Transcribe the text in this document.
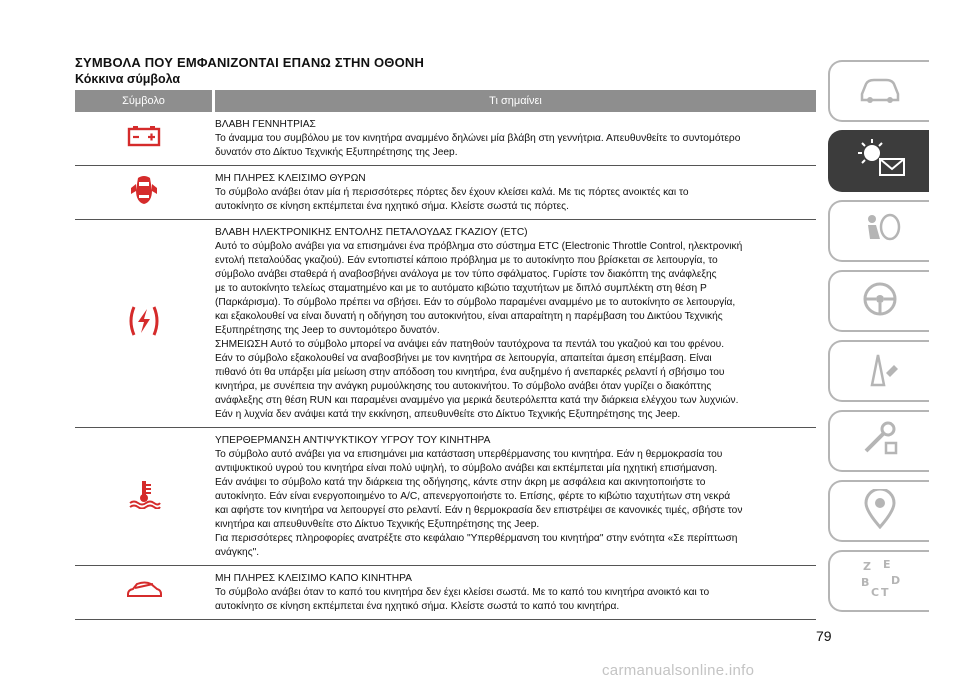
ΣΥΜΒΟΛΑ ΠΟΥ ΕΜΦΑΝΙΖΟΝΤΑΙ ΕΠΑΝΩ ΣΤΗΝ ΟΘΟΝΗ
Κόκκινα σύμβολα
Σύμβολο	Τι σημαίνει
ΒΛΑΒΗ ΓΕΝΝΗΤΡΙΑΣ
Το άναμμα του συμβόλου με τον κινητήρα αναμμένο δηλώνει μία βλάβη στη γεννήτρια. Απευθυνθείτε το συντομότερο
δυνατόν στο Δίκτυο Τεχνικής Εξυπηρέτησης της Jeep.
ΜΗ ΠΛΗΡΕΣ ΚΛΕΙΣΙΜΟ ΘΥΡΩΝ
Το σύμβολο ανάβει όταν μία ή περισσότερες πόρτες δεν έχουν κλείσει καλά. Με τις πόρτες ανοικτές και το
αυτοκίνητο σε κίνηση εκπέμπεται ένα ηχητικό σήμα. Κλείστε σωστά τις πόρτες.
ΒΛΑΒΗ ΗΛΕΚΤΡΟΝΙΚΗΣ ΕΝΤΟΛΗΣ ΠΕΤΑΛΟΥΔΑΣ ΓΚΑΖΙΟΥ (ETC)
Αυτό το σύμβολο ανάβει για να επισημάνει ένα πρόβλημα στο σύστημα ETC (Electronic Throttle Control, ηλεκτρονική
εντολή πεταλούδας γκαζιού). Εάν εντοπιστεί κάποιο πρόβλημα με το αυτοκίνητο που βρίσκεται σε λειτουργία, το
σύμβολο ανάβει σταθερά ή αναβοσβήνει ανάλογα με τον τύπο σφάλματος. Γυρίστε τον διακόπτη της ανάφλεξης
με το αυτοκίνητο τελείως σταματημένο και με το αυτόματο κιβώτιο ταχυτήτων με διπλό συμπλέκτη στη θέση P
(Παρκάρισμα). Το σύμβολο πρέπει να σβήσει. Εάν το σύμβολο παραμένει αναμμένο με το αυτοκίνητο σε λειτουργία,
και εξακολουθεί να είναι δυνατή η οδήγηση του αυτοκινήτου, είναι απαραίτητη η παρέμβαση του Δικτύου Τεχνικής
Εξυπηρέτησης της Jeep το συντομότερο δυνατόν.
ΣΗΜΕΙΩΣΗ Αυτό το σύμβολο μπορεί να ανάψει εάν πατηθούν ταυτόχρονα τα πεντάλ του γκαζιού και του φρένου.
Εάν το σύμβολο εξακολουθεί να αναβοσβήνει με τον κινητήρα σε λειτουργία, απαιτείται άμεση επέμβαση. Είναι
πιθανό ότι θα υπάρξει μία μείωση στην απόδοση του κινητήρα, ένα αυξημένο ή ανεπαρκές ρελαντί ή σβήσιμο του
κινητήρα, με συνέπεια την ανάγκη ρυμούλκησης του αυτοκινήτου. Το σύμβολο ανάβει όταν γυρίζει ο διακόπτης
ανάφλεξης στη θέση RUN και παραμένει αναμμένο για μερικά δευτερόλεπτα κατά την διάρκεια ελέγχου των λυχνιών.
Εάν η λυχνία δεν ανάψει κατά την εκκίνηση, απευθυνθείτε στο Δίκτυο Τεχνικής Εξυπηρέτησης της Jeep.
ΥΠΕΡΘΕΡΜΑΝΣΗ ΑΝΤΙΨΥΚΤΙΚΟΥ ΥΓΡΟΥ ΤΟΥ ΚΙΝΗΤΗΡΑ
Το σύμβολο αυτό ανάβει για να επισημάνει μια κατάσταση υπερθέρμανσης του κινητήρα. Εάν η θερμοκρασία του
αντιψυκτικού υγρού του κινητήρα είναι πολύ υψηλή, το σύμβολο ανάβει και εκπέμπεται μία ηχητική επισήμανση.
Εάν ανάψει το σύμβολο κατά την διάρκεια της οδήγησης, κάντε στην άκρη με ασφάλεια και ακινητοποιήστε το
αυτοκίνητο. Εάν είναι ενεργοποιημένο το A/C, απενεργοποιήστε το. Επίσης, φέρτε το κιβώτιο ταχυτήτων στη νεκρά
και αφήστε τον κινητήρα να λειτουργεί στο ρελαντί. Εάν η θερμοκρασία δεν επιστρέψει σε κανονικές τιμές, σβήστε τον
κινητήρα και απευθυνθείτε στο Δίκτυο Τεχνικής Εξυπηρέτησης της Jeep.
Για περισσότερες πληροφορίες ανατρέξτε στο κεφάλαιο "Υπερθέρμανση του κινητήρα" στην ενότητα «Σε περίπτωση
ανάγκης".
ΜΗ ΠΛΗΡΕΣ ΚΛΕΙΣΙΜΟ ΚΑΠΟ ΚΙΝΗΤΗΡΑ
Το σύμβολο ανάβει όταν το καπό του κινητήρα δεν έχει κλείσει σωστά. Με το καπό του κινητήρα ανοικτό και το
αυτοκίνητο σε κίνηση εκπέμπεται ένα ηχητικό σήμα. Κλείστε σωστά το καπό του κινητήρα.
Z E
B D
C T
79
carmanualsonline.info
